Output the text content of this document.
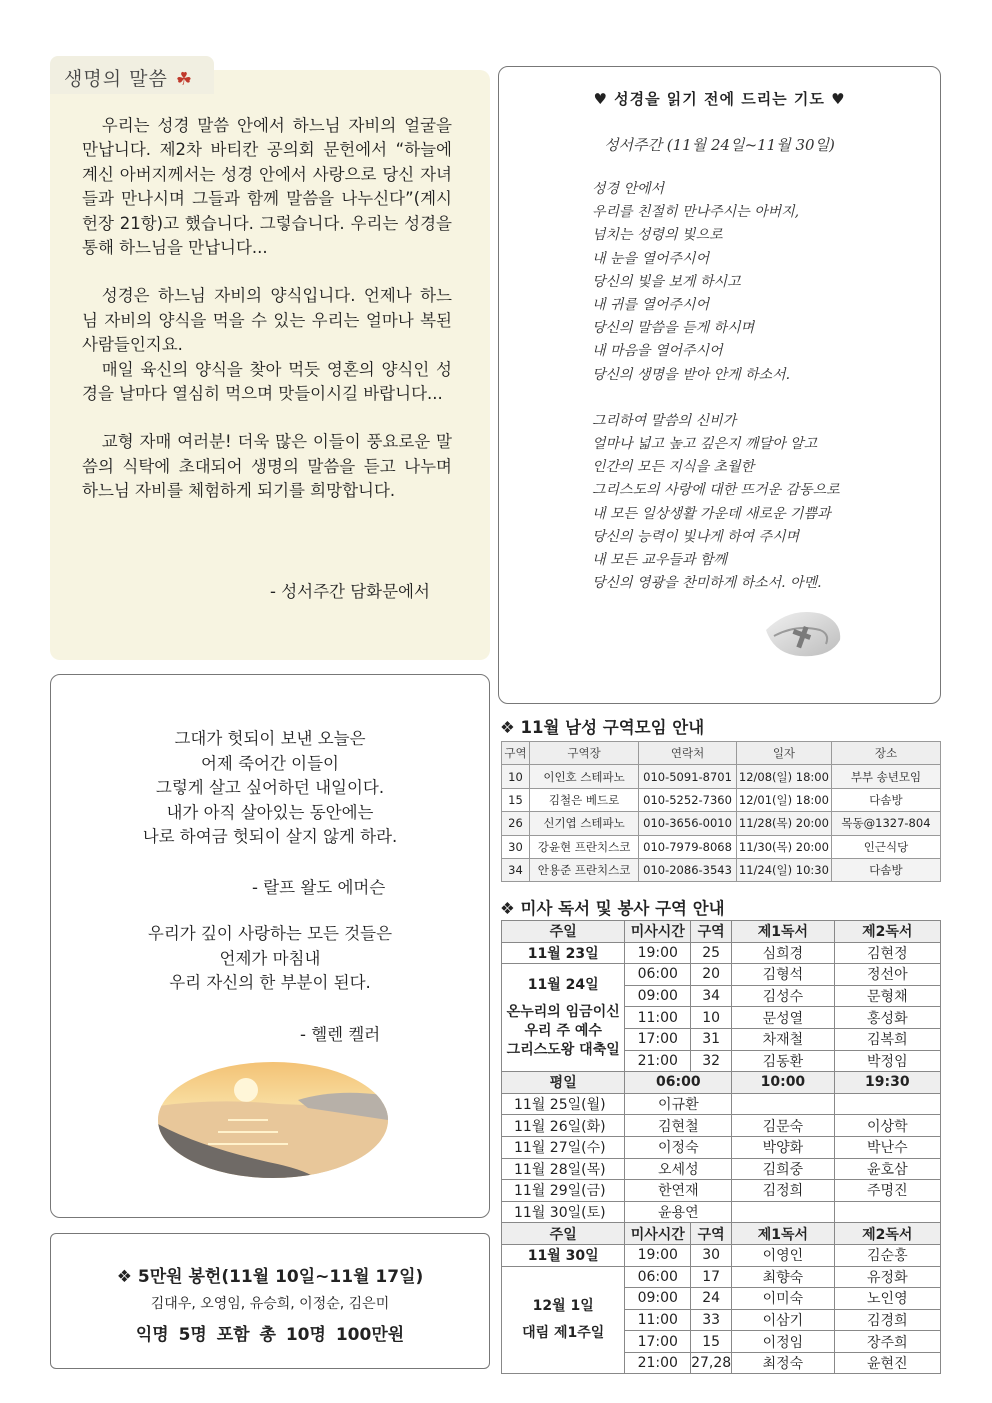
생명의 말씀 ☘

우리는 성경 말씀 안에서 하느님 자비의 얼굴을 만납니다. 제2차 바티칸 공의회 문헌에서 “하늘에 계신 아버지께서는 성경 안에서 사랑으로 당신 자녀들과 만나시며 그들과 함께 말씀을 나누신다”(계시헌장 21항)고 했습니다. 그렇습니다. 우리는 성경을 통해 하느님을 만납니다...

성경은 하느님 자비의 양식입니다. 언제나 하느님 자비의 양식을 먹을 수 있는 우리는 얼마나 복된 사람들인지요.

매일 육신의 양식을 찾아 먹듯 영혼의 양식인 성경을 날마다 열심히 먹으며 맛들이시길 바랍니다...

교형 자매 여러분! 더욱 많은 이들이 풍요로운 말씀의 식탁에 초대되어 생명의 말씀을 듣고 나누며 하느님 자비를 체험하게 되기를 희망합니다.

- 성서주간 담화문에서
♥ 성경을 읽기 전에 드리는 기도 ♥
성서주간 (11월 24일~11월 30일)
성경 안에서
우리를 친절히 만나주시는 아버지,
넘치는 성령의 빛으로
내 눈을 열어주시어
당신의 빛을 보게 하시고
내 귀를 열어주시어
당신의 말씀을 듣게 하시며
내 마음을 열어주시어
당신의 생명을 받아 안게 하소서.
그리하여 말씀의 신비가
얼마나 넓고 높고 깊은지 깨달아 알고
인간의 모든 지식을 초월한
그리스도의 사랑에 대한 뜨거운 감동으로
내 모든 일상생활 가운데 새로운 기쁨과
당신의 능력이 빛나게 하여 주시며
내 모든 교우들과 함께
당신의 영광을 찬미하게 하소서. 아멘.
그대가 헛되이 보낸 오늘은
어제 죽어간 이들이
그렇게 살고 싶어하던 내일이다.
내가 아직 살아있는 동안에는
나로 하여금 헛되이 살지 않게 하라.
- 랄프 왈도 에머슨
우리가 깊이 사랑하는 모든 것들은
언제가 마침내
우리 자신의 한 부분이 된다.
- 헬렌 켈러
❖ 5만원 봉헌(11월 10일~11월 17일)
김대우, 오영임, 유승희, 이정순, 김은미
익명 5명 포함 총 10명 100만원
❖ 11월 남성 구역모임 안내
구역	구역장	연락처	일자	장소
10	이인호 스테파노	010-5091-8701	12/08(일) 18:00	부부 송년모임
15	김철은 베드로	010-5252-7360	12/01(일) 18:00	다솜방
26	신기엽 스테파노	010-3656-0010	11/28(목) 20:00	목동@1327-804
30	강윤현 프란치스코	010-7979-8068	11/30(목) 20:00	인근식당
34	안용준 프란치스코	010-2086-3543	11/24(일) 10:30	다솜방
❖ 미사 독서 및 봉사 구역 안내
주일	미사시간	구역	제1독서	제2독서
11월 23일	19:00	25	심희경	김현정

11월 24일
온누리의 임금이신
우리 주 예수
그리스도왕 대축일	06:00	20	김형석	정선아
	09:00	34	김성수	문형채
	11:00	10	문성열	홍성화
	17:00	31	차재철	김복희
	21:00	32	김동환	박정임
평일	06:00		10:00	19:30
11월 25일(월)	이규환			
11월 26일(화)	김현철		김문숙	이상학
11월 27일(수)	이정숙		박양화	박난수
11월 28일(목)	오세성		김희중	윤호삼
11월 29일(금)	한연재		김정희	주명진
11월 30일(토)	윤용연			
주일	미사시간	구역	제1독서	제2독서
11월 30일	19:00	30	이영인	김순홍

12월 1일
대림 제1주일	06:00	17	최향숙	유정화
	09:00	24	이미숙	노인영
	11:00	33	이삼기	김경희
	17:00	15	이정임	장주희
	21:00	27,28	최정숙	윤현진
